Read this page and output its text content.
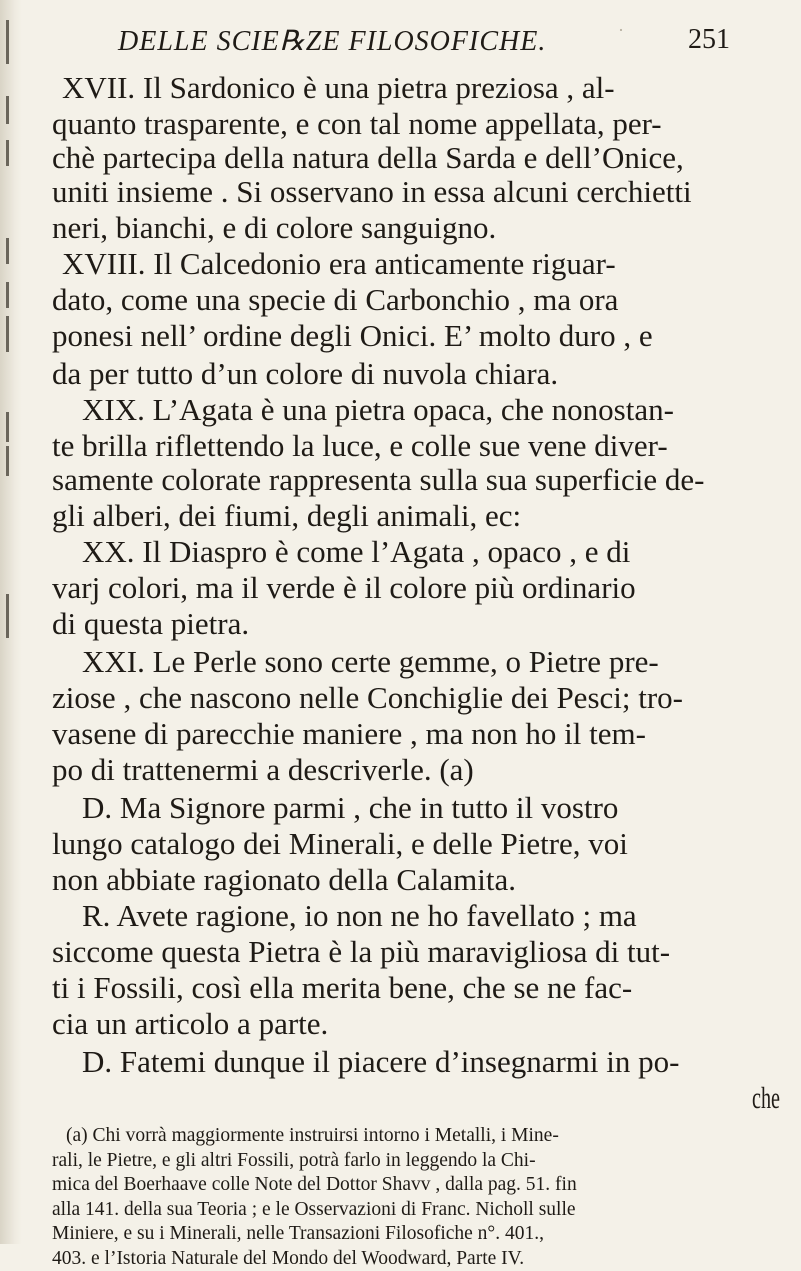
DELLE SCIE℞ZE FILOSOFICHE.	251
·
XVII. Il Sardonico è una pietra preziosa , al-
quanto trasparente, e con tal nome appellata, per-
chè partecipa della natura della Sarda e dell’Onice,
uniti insieme . Si osservano in essa alcuni cerchietti
neri, bianchi, e di colore sanguigno.
XVIII. Il Calcedonio era anticamente riguar-
dato, come una specie di Carbonchio , ma ora
ponesi nell’ ordine degli Onici. E’ molto duro , e
da per tutto d’un colore di nuvola chiara.
XIX. L’Agata è una pietra opaca, che nonostan-
te brilla riflettendo la luce, e colle sue vene diver-
samente colorate rappresenta sulla sua superficie de-
gli alberi, dei fiumi, degli animali, ec:
XX. Il Diaspro è come l’Agata , opaco , e di
varj colori, ma il verde è il colore più ordinario
di questa pietra.
XXI. Le Perle sono certe gemme, o Pietre pre-
ziose , che nascono nelle Conchiglie dei Pesci; tro-
vasene di parecchie maniere , ma non ho il tem-
po di trattenermi a descriverle. (a)
D. Ma Signore parmi , che in tutto il vostro
lungo catalogo dei Minerali, e delle Pietre, voi
non abbiate ragionato della Calamita.
R. Avete ragione, io non ne ho favellato ; ma
siccome questa Pietra è la più maravigliosa di tut-
ti i Fossili, così ella merita bene, che se ne fac-
cia un articolo a parte.
D. Fatemi dunque il piacere d’insegnarmi in po-
che
(a) Chi vorrà maggiormente instruirsi intorno i Metalli, i Mine-
rali, le Pietre, e gli altri Fossili, potrà farlo in leggendo la Chi-
mica del Boerhaave colle Note del Dottor Shavv , dalla pag. 51. fin
alla 141. della sua Teoria ; e le Osservazioni di Franc. Nicholl sulle
Miniere, e su i Minerali, nelle Transazioni Filosofiche n°. 401.,
403. e l’Istoria Naturale del Mondo del Woodward, Parte IV.
